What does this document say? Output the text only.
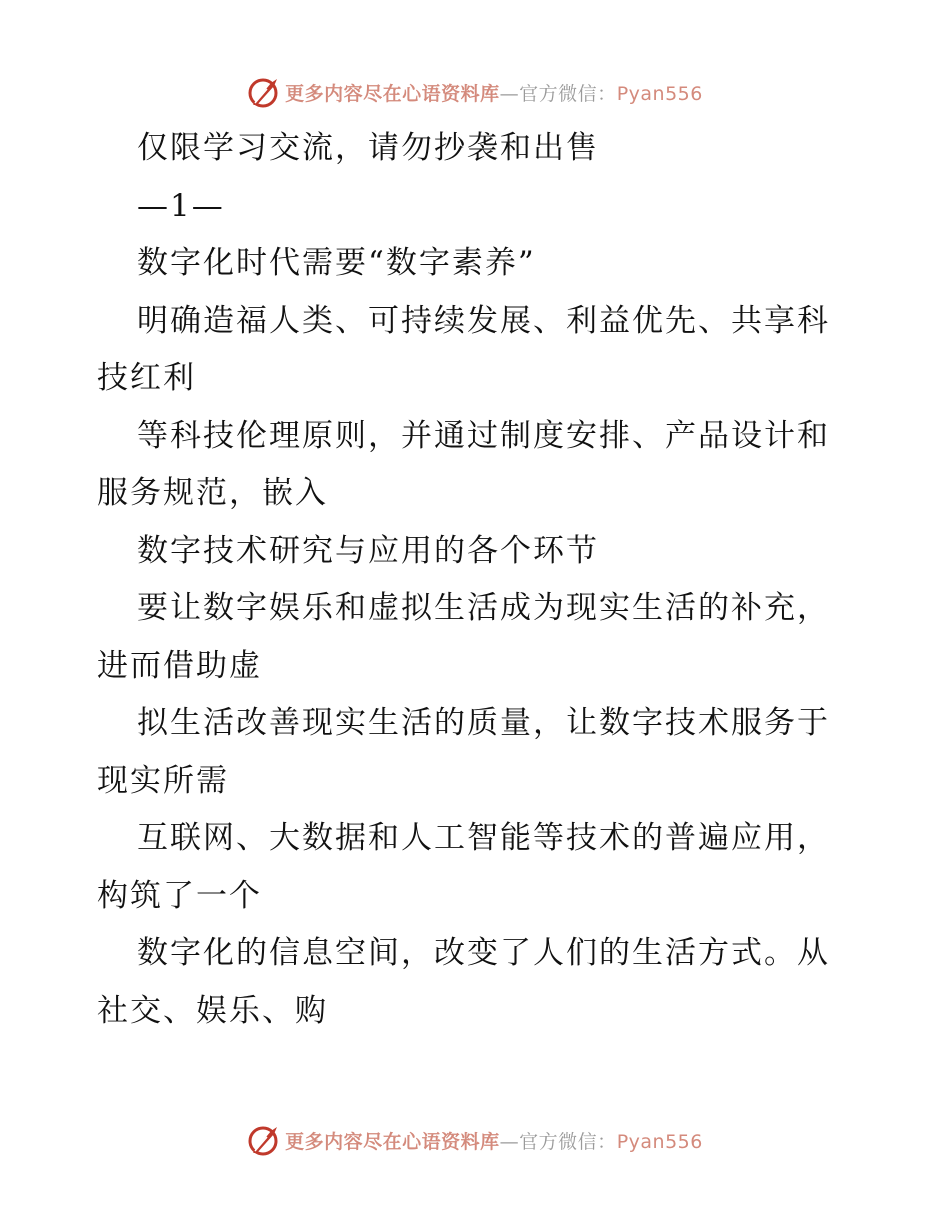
更多内容尽在心语资料库—官方微信：Pyan556
仅限学习交流，请勿抄袭和出售
—1—
数字化时代需要“数字素养”
明确造福人类、可持续发展、利益优先、共享科
技红利
等科技伦理原则，并通过制度安排、产品设计和
服务规范，嵌入
数字技术研究与应用的各个环节
要让数字娱乐和虚拟生活成为现实生活的补充，
进而借助虚
拟生活改善现实生活的质量，让数字技术服务于
现实所需
互联网、大数据和人工智能等技术的普遍应用，
构筑了一个
数字化的信息空间，改变了人们的生活方式。从
社交、娱乐、购
更多内容尽在心语资料库—官方微信：Pyan556
